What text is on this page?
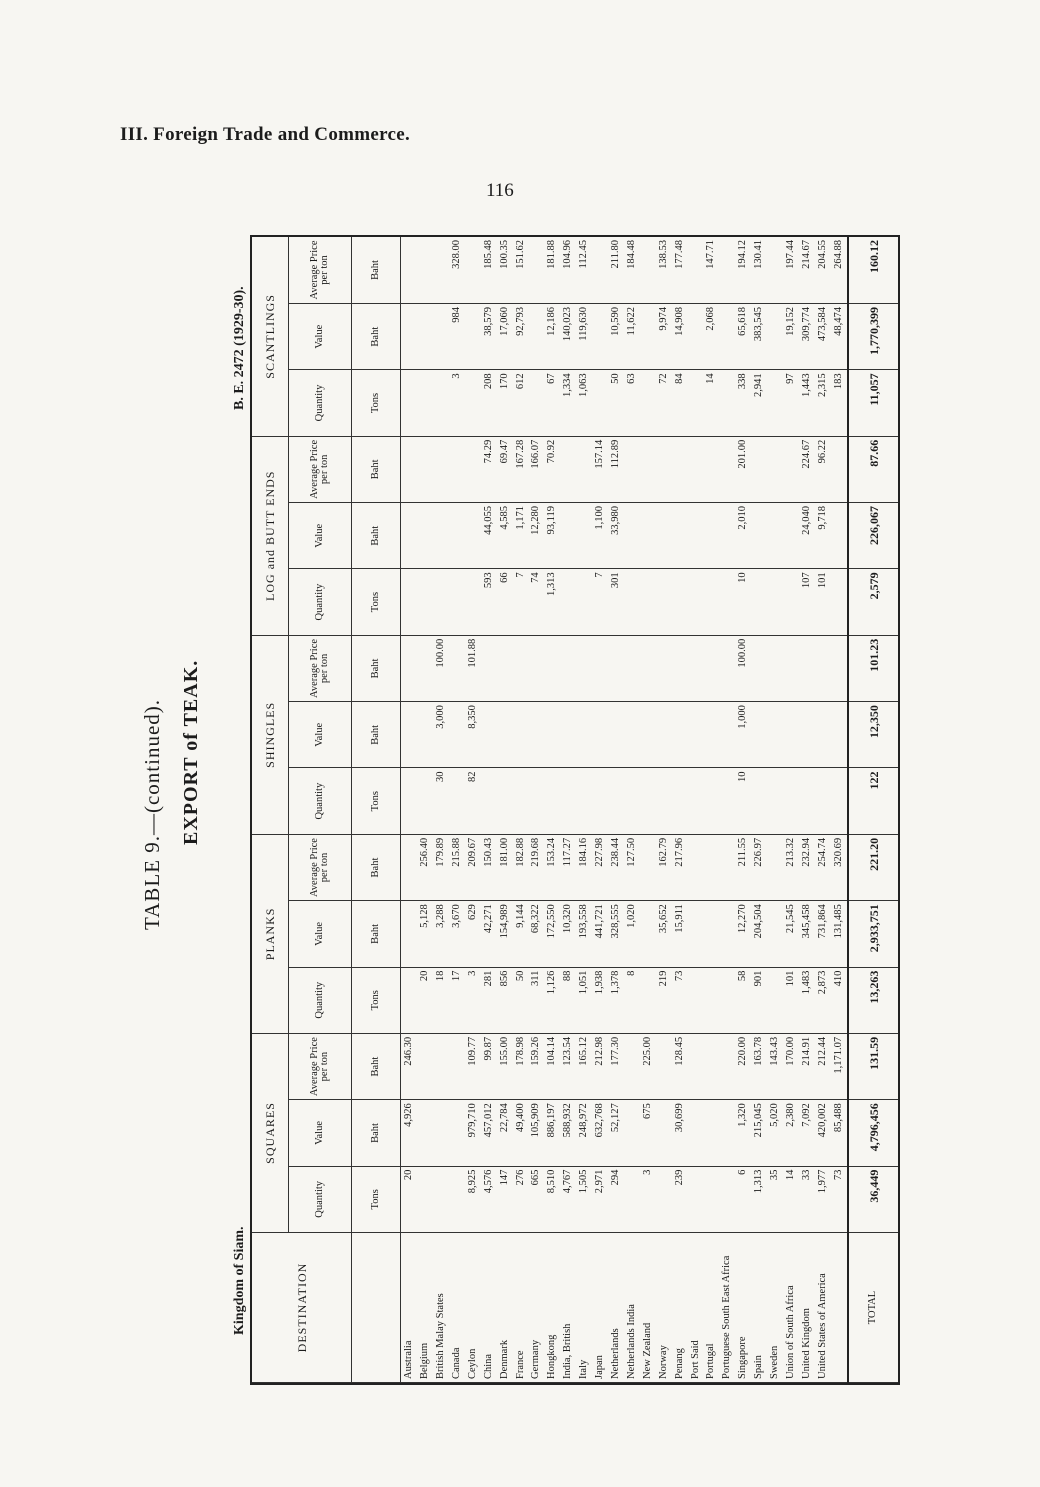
III. Foreign Trade and Commerce.
116
Kingdom of Siam.
B. E. 2472 (1929-30).
TABLE 9.—(continued). EXPORT of TEAK.
DESTINATION	SQUARES			PLANKS			SHINGLES			LOG and BUTT ENDS			SCANTLINGS		
	Quantity	Value	Average Price per ton	Quantity	Value	Average Price per ton	Quantity	Value	Average Price per ton	Quantity	Value	Average Price per ton	Quantity	Value	Average Price per ton
	Tons	Baht	Baht	Tons	Baht	Baht	Tons	Baht	Baht	Tons	Baht	Baht	Tons	Baht	Baht
Australia	20	4,926	246.30												
Belgium				20	5,128	256.40									
British Malay States				18	3,288	179.89	30	3,000	100.00						
Canada				17	3,670	215.88							3	984	328.00
Ceylon	8,925	979,710	109.77	3	629	209.67	82	8,350	101.88						
China	4,576	457,012	99.87	281	42,271	150.43				593	44,055	74.29	208	38,579	185.48
Denmark	147	22,784	155.00	856	154,989	181.00				66	4,585	69.47	170	17,060	100.35
France	276	49,400	178.98	50	9,144	182.88				7	1,171	167.28	612	92,793	151.62
Germany	665	105,909	159.26	311	68,322	219.68				74	12,280	166.07			
Hongkong	8,510	886,197	104.14	1,126	172,550	153.24				1,313	93,119	70.92	67	12,186	181.88
India, British	4,767	588,932	123.54	88	10,320	117.27							1,334	140,023	104.96
Italy	1,505	248,972	165.12	1,051	193,558	184.16							1,063	119,630	112.45
Japan	2,971	632,768	212.98	1,938	441,721	227.98				7	1,100	157.14			
Netherlands	294	52,127	177.30	1,378	328,555	238.44				301	33,980	112.89	50	10,590	211.80
Netherlands India				8	1,020	127.50							63	11,622	184.48
New Zealand	3	675	225.00												
Norway				219	35,652	162.79							72	9,974	138.53
Penang	239	30,699	128.45	73	15,911	217.96							84	14,908	177.48
Port Said															
Portugal													14	2,068	147.71
Portuguese South East Africa															
Singapore	6	1,320	220.00	58	12,270	211.55	10	1,000	100.00	10	2,010	201.00	338	65,618	194.12
Spain	1,313	215,045	163.78	901	204,504	226.97							2,941	383,545	130.41
Sweden	35	5,020	143.43												
Union of South Africa	14	2,380	170.00	101	21,545	213.32							97	19,152	197.44
United Kingdom	33	7,092	214.91	1,483	345,458	232.94				107	24,040	224.67	1,443	309,774	214.67
United States of America	1,977	420,002	212.44	2,873	731,864	254.74				101	9,718	96.22	2,315	473,584	204.55
	73	85,488	1,171.07	410	131,485	320.69							183	48,474	264.88
TOTAL	36,449	4,796,456	131.59	13,263	2,933,751	221.20	122	12,350	101.23	2,579	226,067	87.66	11,057	1,770,399	160.12
